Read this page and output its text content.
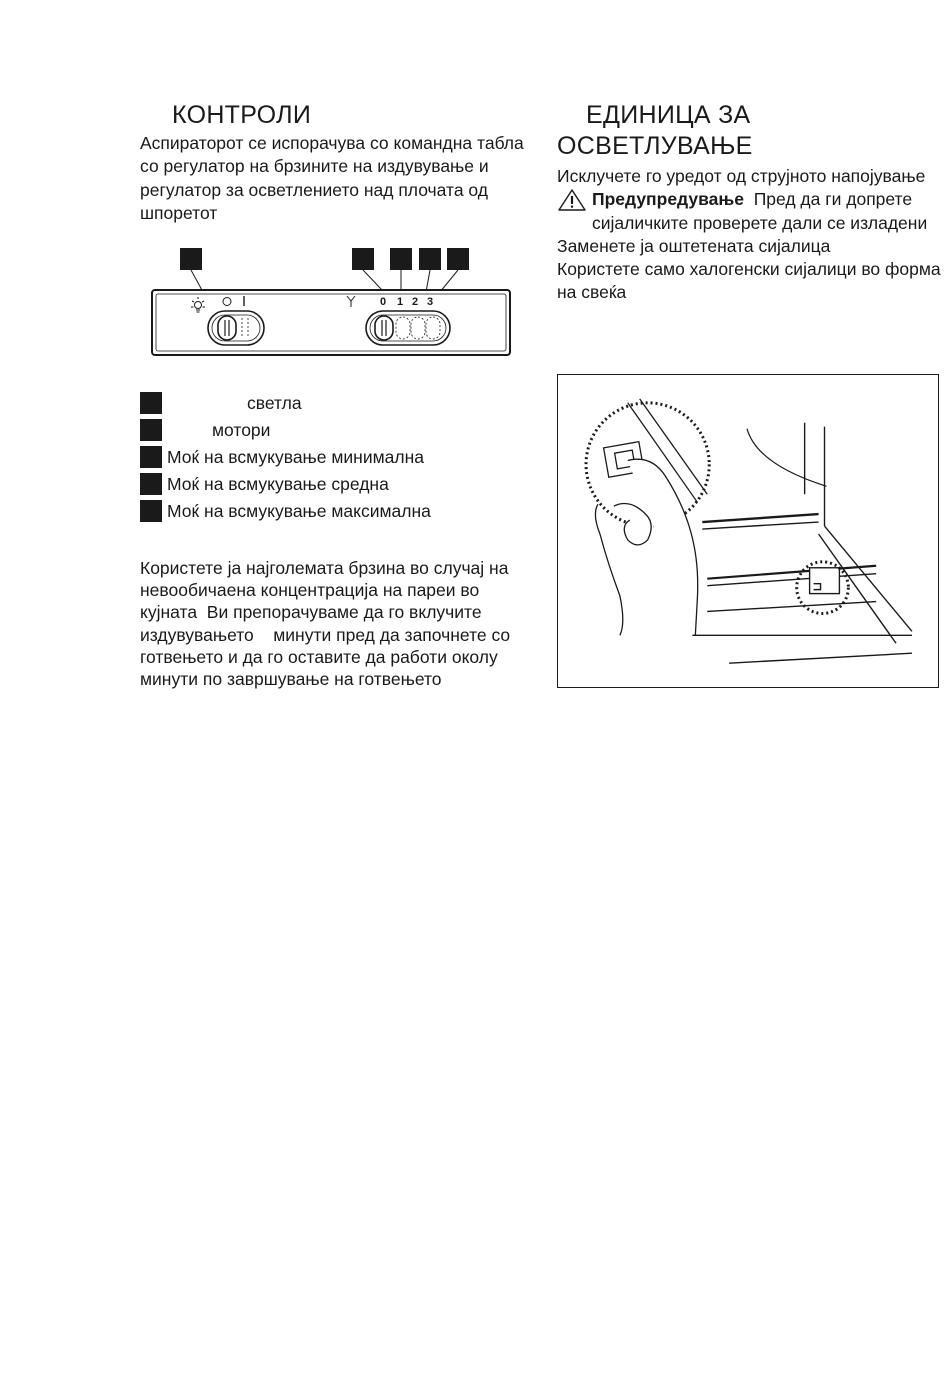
КОНТРОЛИ

Аспираторот се испорачува со командна табла со регулатор на брзините на издувување и регулатор за осветлението над плочата од шпоретот

0 1 2 3
светла
мотори
Моќ на всмукување минимална
Моќ на всмукување средна
Моќ на всмукување максимална

Користете ја најголемата брзина во случај на невообичаена концентрација на пареи во кујната  Ви препорачуваме да го вклучите издувувањето    минути пред да започнете со готвењето и да го оставите да работи околу      минути по завршување на готвењето

ЕДИНИЦА ЗА ОСВЕТЛУВАЊЕ

Исклучете го уредот од струјното напојување

Предупредување  Пред да ги допрете сијаличките проверете дали се изладени

Заменете ја оштетената сијалица

Користете само халогенски сијалици во форма на свеќа
